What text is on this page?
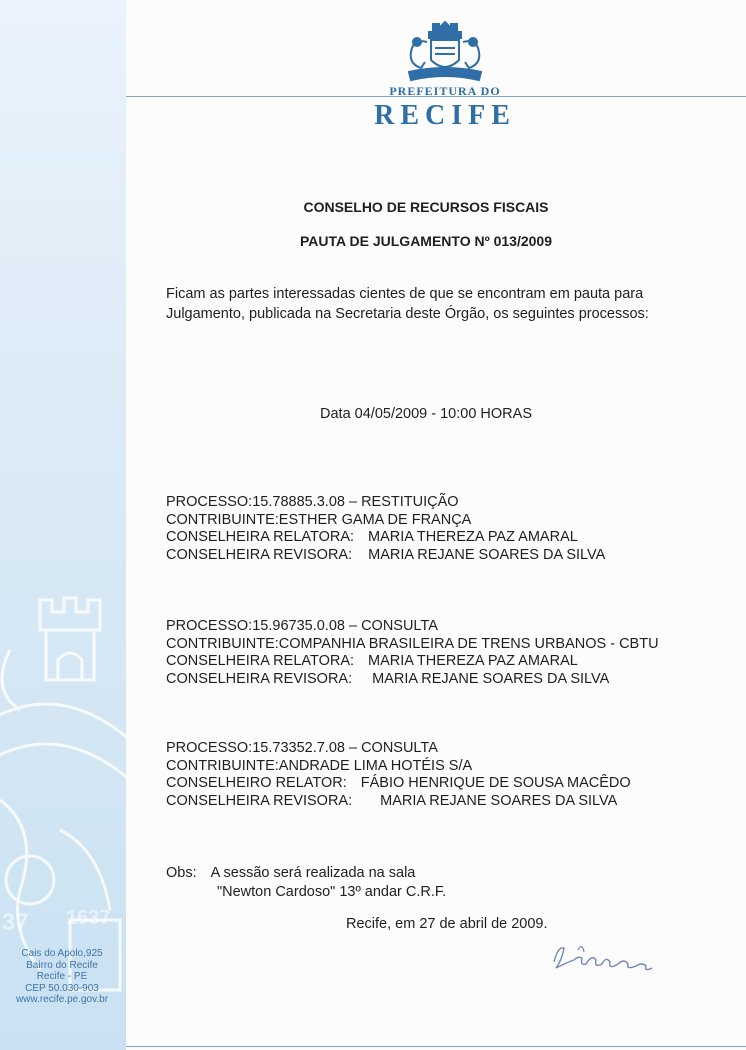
37 1637
Cais do Apolo,925
Bairro do Recife
Recife - PE
CEP 50.030-903
www.recife.pe.gov.br
PREFEITURA DO
RECIFE
CONSELHO DE RECURSOS FISCAIS
PAUTA DE JULGAMENTO Nº 013/2009
Ficam as partes interessadas cientes de que se encontram em pauta para
Julgamento, publicada na Secretaria deste Órgão, os seguintes processos:
Data 04/05/2009 - 10:00 HORAS
PROCESSO:15.78885.3.08 – RESTITUIÇÃO
CONTRIBUINTE:ESTHER GAMA DE FRANÇA
CONSELHEIRA RELATORA: MARIA THEREZA PAZ AMARAL
CONSELHEIRA REVISORA: MARIA REJANE SOARES DA SILVA
PROCESSO:15.96735.0.08 – CONSULTA
CONTRIBUINTE:COMPANHIA BRASILEIRA DE TRENS URBANOS - CBTU
CONSELHEIRA RELATORA: MARIA THEREZA PAZ AMARAL
CONSELHEIRA REVISORA: MARIA REJANE SOARES DA SILVA
PROCESSO:15.73352.7.08 – CONSULTA
CONTRIBUINTE:ANDRADE LIMA HOTÉIS S/A
CONSELHEIRO RELATOR: FÁBIO HENRIQUE DE SOUSA MACÊDO
CONSELHEIRA REVISORA: MARIA REJANE SOARES DA SILVA
Obs: A sessão será realizada na sala
"Newton Cardoso" 13º andar C.R.F.
Recife, em 27 de abril de 2009.
